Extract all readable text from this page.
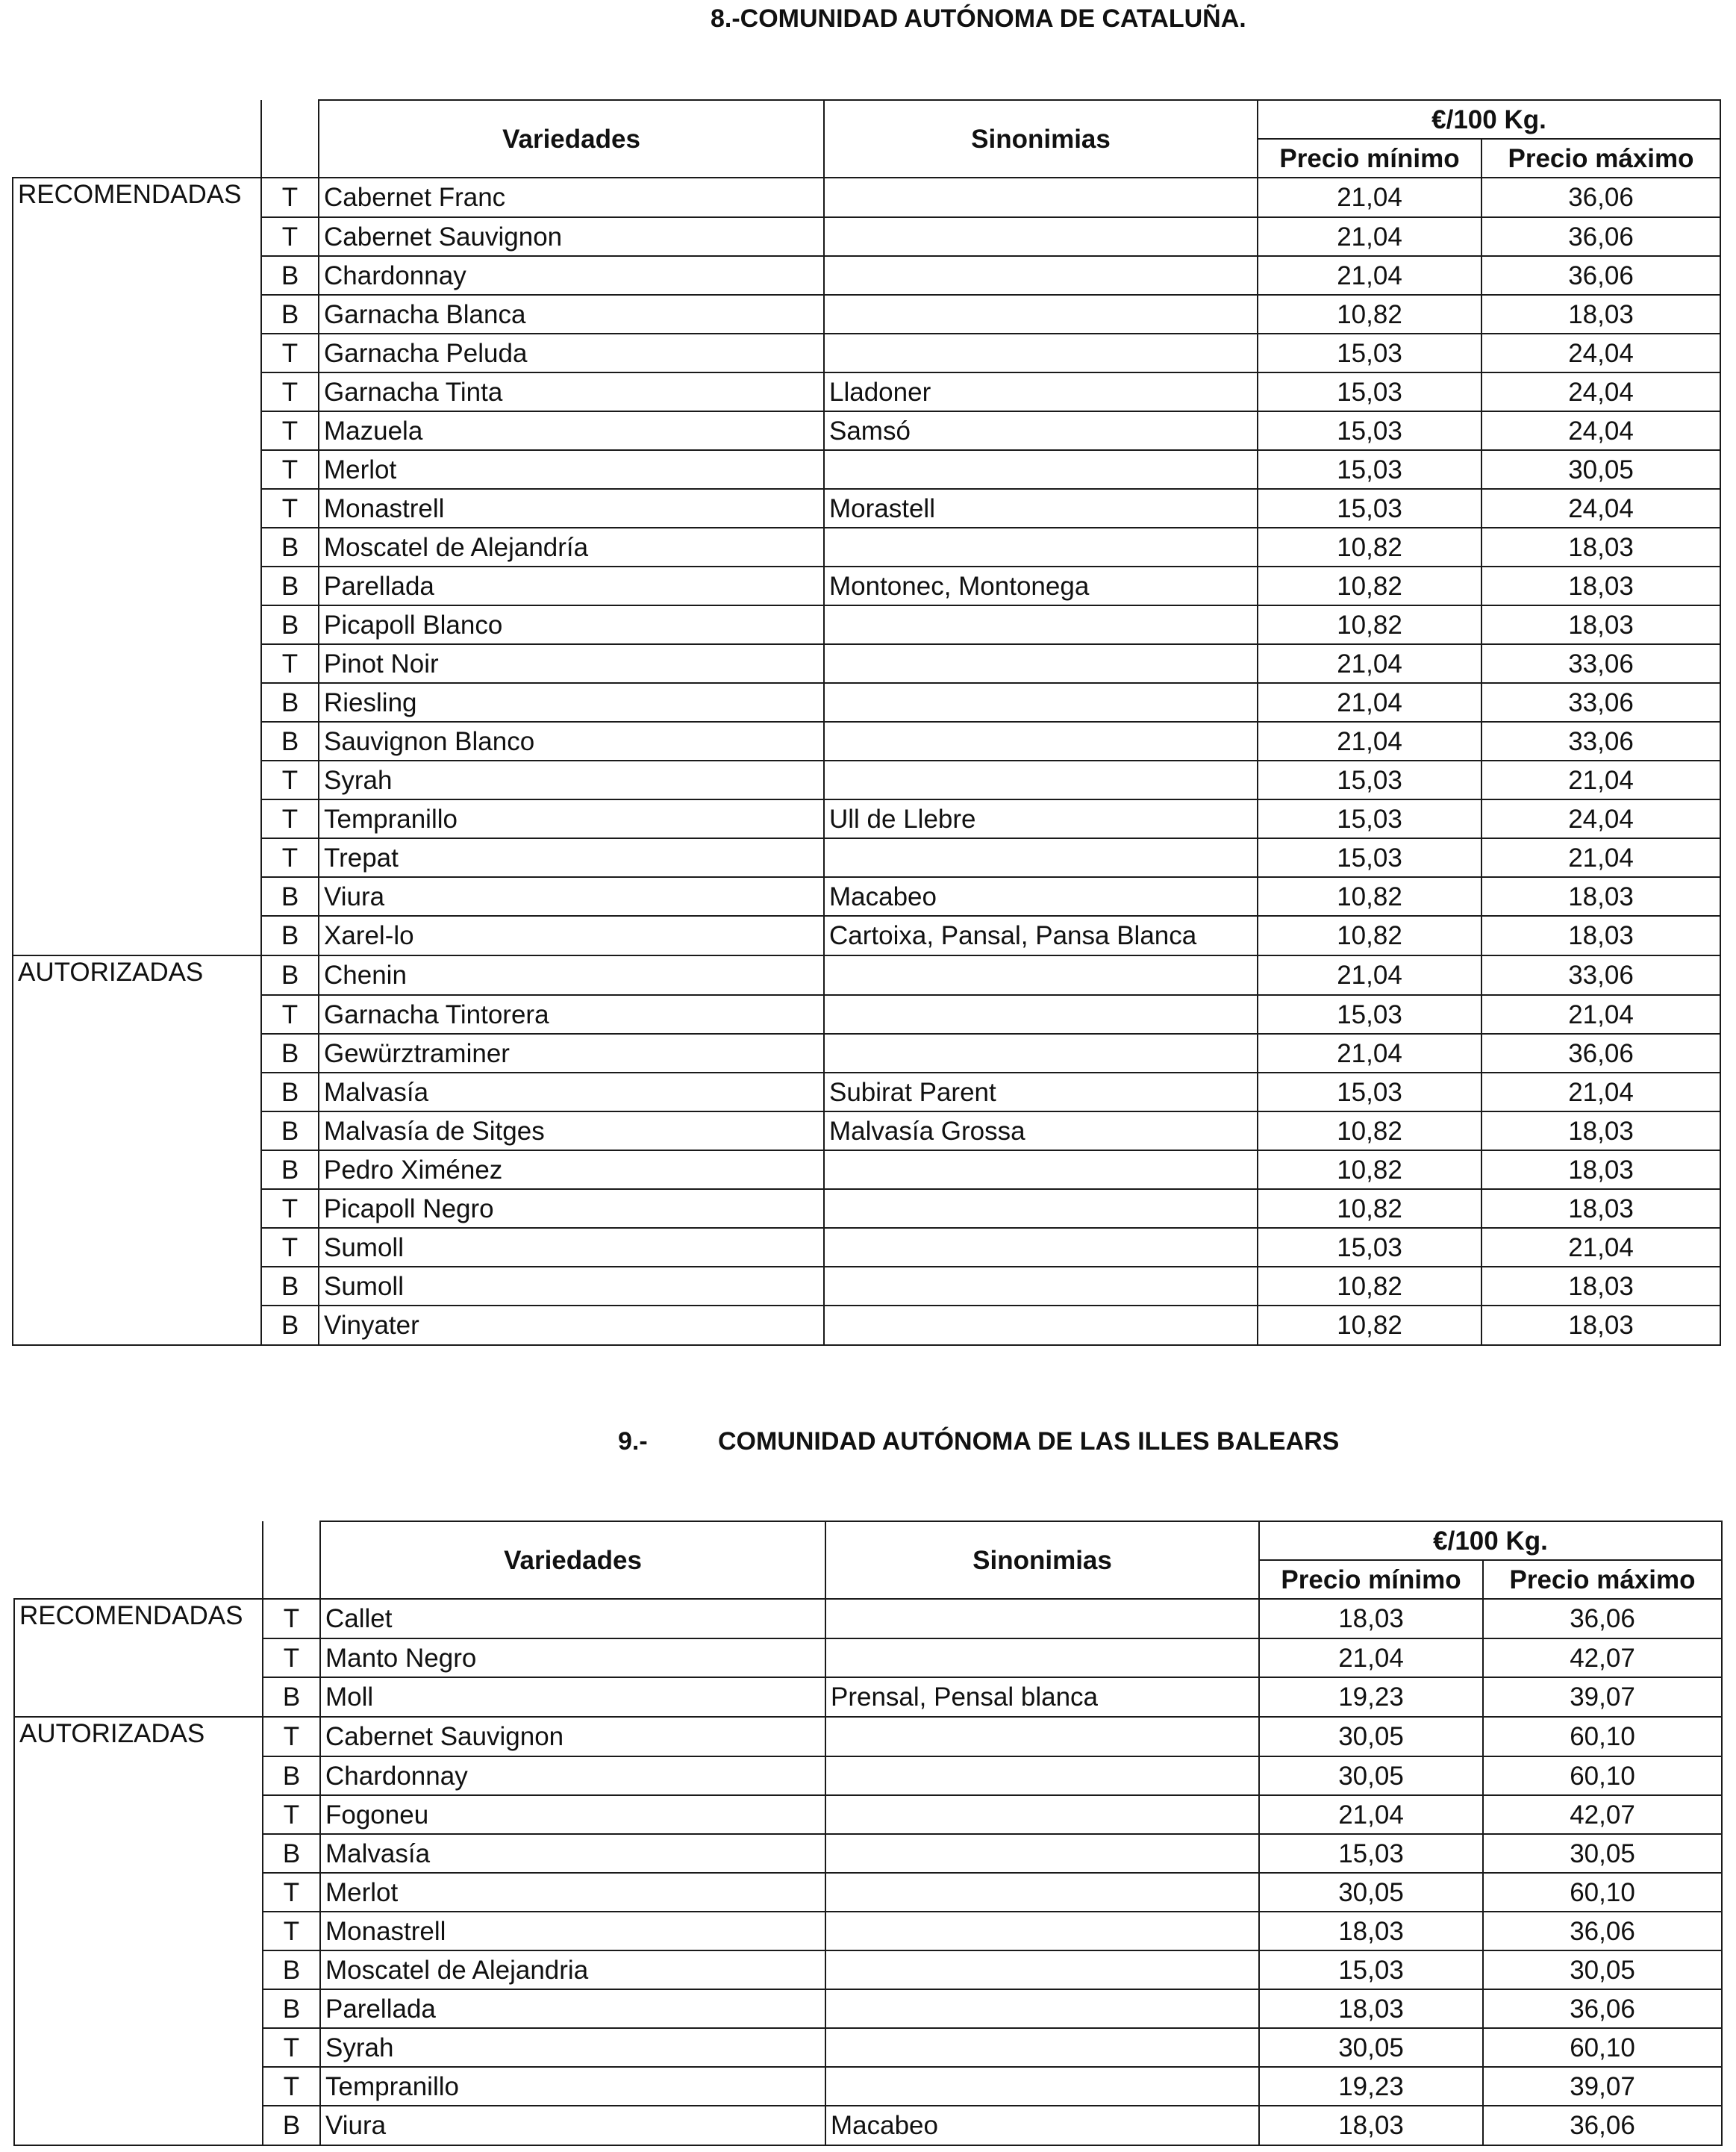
8.-COMUNIDAD AUTÓNOMA DE CATALUÑA.
		Variedades	Sinonimias	€/100 Kg.	
				Precio mínimo	Precio máximo
RECOMENDADAS	T	Cabernet Franc		21,04	36,06
	T	Cabernet Sauvignon		21,04	36,06
	B	Chardonnay		21,04	36,06
	B	Garnacha Blanca		10,82	18,03
	T	Garnacha Peluda		15,03	24,04
	T	Garnacha Tinta	Lladoner	15,03	24,04
	T	Mazuela	Samsó	15,03	24,04
	T	Merlot		15,03	30,05
	T	Monastrell	Morastell	15,03	24,04
	B	Moscatel de Alejandría		10,82	18,03
	B	Parellada	Montonec, Montonega	10,82	18,03
	B	Picapoll Blanco		10,82	18,03
	T	Pinot Noir		21,04	33,06
	B	Riesling		21,04	33,06
	B	Sauvignon Blanco		21,04	33,06
	T	Syrah		15,03	21,04
	T	Tempranillo	Ull de Llebre	15,03	24,04
	T	Trepat		15,03	21,04
	B	Viura	Macabeo	10,82	18,03
	B	Xarel-lo	Cartoixa, Pansal, Pansa Blanca	10,82	18,03
AUTORIZADAS	B	Chenin		21,04	33,06
	T	Garnacha Tintorera		15,03	21,04
	B	Gewürztraminer		21,04	36,06
	B	Malvasía	Subirat Parent	15,03	21,04
	B	Malvasía de Sitges	Malvasía Grossa	10,82	18,03
	B	Pedro Ximénez		10,82	18,03
	T	Picapoll Negro		10,82	18,03
	T	Sumoll		15,03	21,04
	B	Sumoll		10,82	18,03
	B	Vinyater		10,82	18,03
9.-	COMUNIDAD AUTÓNOMA DE LAS ILLES BALEARS
		Variedades	Sinonimias	€/100 Kg.	
				Precio mínimo	Precio máximo
RECOMENDADAS	T	Callet		18,03	36,06
	T	Manto Negro		21,04	42,07
	B	Moll	Prensal, Pensal blanca	19,23	39,07
AUTORIZADAS	T	Cabernet Sauvignon		30,05	60,10
	B	Chardonnay		30,05	60,10
	T	Fogoneu		21,04	42,07
	B	Malvasía		15,03	30,05
	T	Merlot		30,05	60,10
	T	Monastrell		18,03	36,06
	B	Moscatel de Alejandria		15,03	30,05
	B	Parellada		18,03	36,06
	T	Syrah		30,05	60,10
	T	Tempranillo		19,23	39,07
	B	Viura	Macabeo	18,03	36,06
